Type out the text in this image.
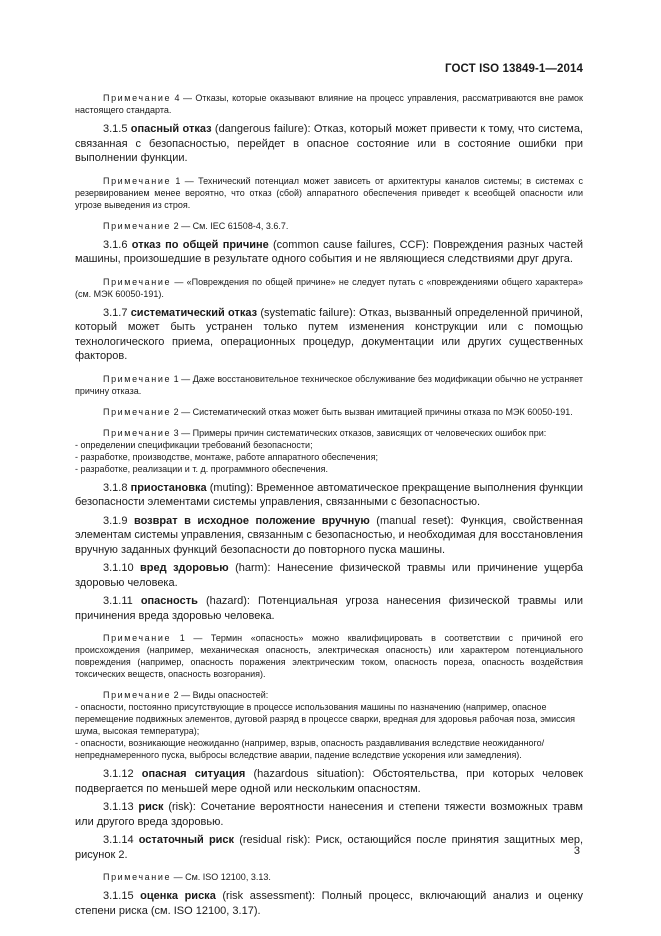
ГОСТ ISO 13849-1—2014

Примечание 4 — Отказы, которые оказывают влияние на процесс управления, рассматриваются вне рамок настоящего стандарта.

3.1.5 опасный отказ (dangerous failure): Отказ, который может привести к тому, что система, связанная с безопасностью, перейдет в опасное состояние или в состояние ошибки при выполнении функции.

Примечание 1 — Технический потенциал может зависеть от архитектуры каналов системы; в системах с резервированием менее вероятно, что отказ (сбой) аппаратного обеспечения приведет к всеобщей опасности или угрозе выведения из строя.

Примечание 2 — См. IEC 61508-4, 3.6.7.

3.1.6 отказ по общей причине (common cause failures, CCF): Повреждения разных частей машины, произошедшие в результате одного события и не являющиеся следствиями друг друга.

Примечание — «Повреждения по общей причине» не следует путать с «повреждениями общего характера» (см. МЭК 60050-191).

3.1.7 систематический отказ (systematic failure): Отказ, вызванный определенной причиной, который может быть устранен только путем изменения конструкции или с помощью технологического приема, операционных процедур, документации или других существенных факторов.

Примечание 1 — Даже восстановительное техническое обслуживание без модификации обычно не устраняет причину отказа.

Примечание 2 — Систематический отказ может быть вызван имитацией причины отказа по МЭК 60050-191.

Примечание 3 — Примеры причин систематических отказов, зависящих от человеческих ошибок при:

- определении спецификации требований безопасности;

- разработке, производстве, монтаже, работе аппаратного обеспечения;

- разработке, реализации и т. д. программного обеспечения.

3.1.8 приостановка (muting): Временное автоматическое прекращение выполнения функции безопасности элементами системы управления, связанными с безопасностью.

3.1.9 возврат в исходное положение вручную (manual reset): Функция, свойственная элементам системы управления, связанным с безопасностью, и необходимая для восстановления вручную заданных функций безопасности до повторного пуска машины.

3.1.10 вред здоровью (harm): Нанесение физической травмы или причинение ущерба здоровью человека.

3.1.11 опасность (hazard): Потенциальная угроза нанесения физической травмы или причинения вреда здоровью человека.

Примечание 1 — Термин «опасность» можно квалифицировать в соответствии с причиной его происхождения (например, механическая опасность, электрическая опасность) или характером потенциального повреждения (например, опасность поражения электрическим током, опасность пореза, опасность воздействия токсических веществ, опасность возгорания).

Примечание 2 — Виды опасностей:

- опасности, постоянно присутствующие в процессе использования машины по назначению (например, опасное перемещение подвижных элементов, дуговой разряд в процессе сварки, вредная для здоровья рабочая поза, эмиссия шума, высокая температура);

- опасности, возникающие неожиданно (например, взрыв, опасность раздавливания вследствие неожиданного/непреднамеренного пуска, выбросы вследствие аварии, падение вследствие ускорения или замедления).

3.1.12 опасная ситуация (hazardous situation): Обстоятельства, при которых человек подвергается по меньшей мере одной или нескольким опасностям.

3.1.13 риск (risk): Сочетание вероятности нанесения и степени тяжести возможных травм или другого вреда здоровью.

3.1.14 остаточный риск (residual risk): Риск, остающийся после принятия защитных мер, рисунок 2.

Примечание — См. ISO 12100, 3.13.

3.1.15 оценка риска (risk assessment): Полный процесс, включающий анализ и оценку степени риска (см. ISO 12100, 3.17).

3
